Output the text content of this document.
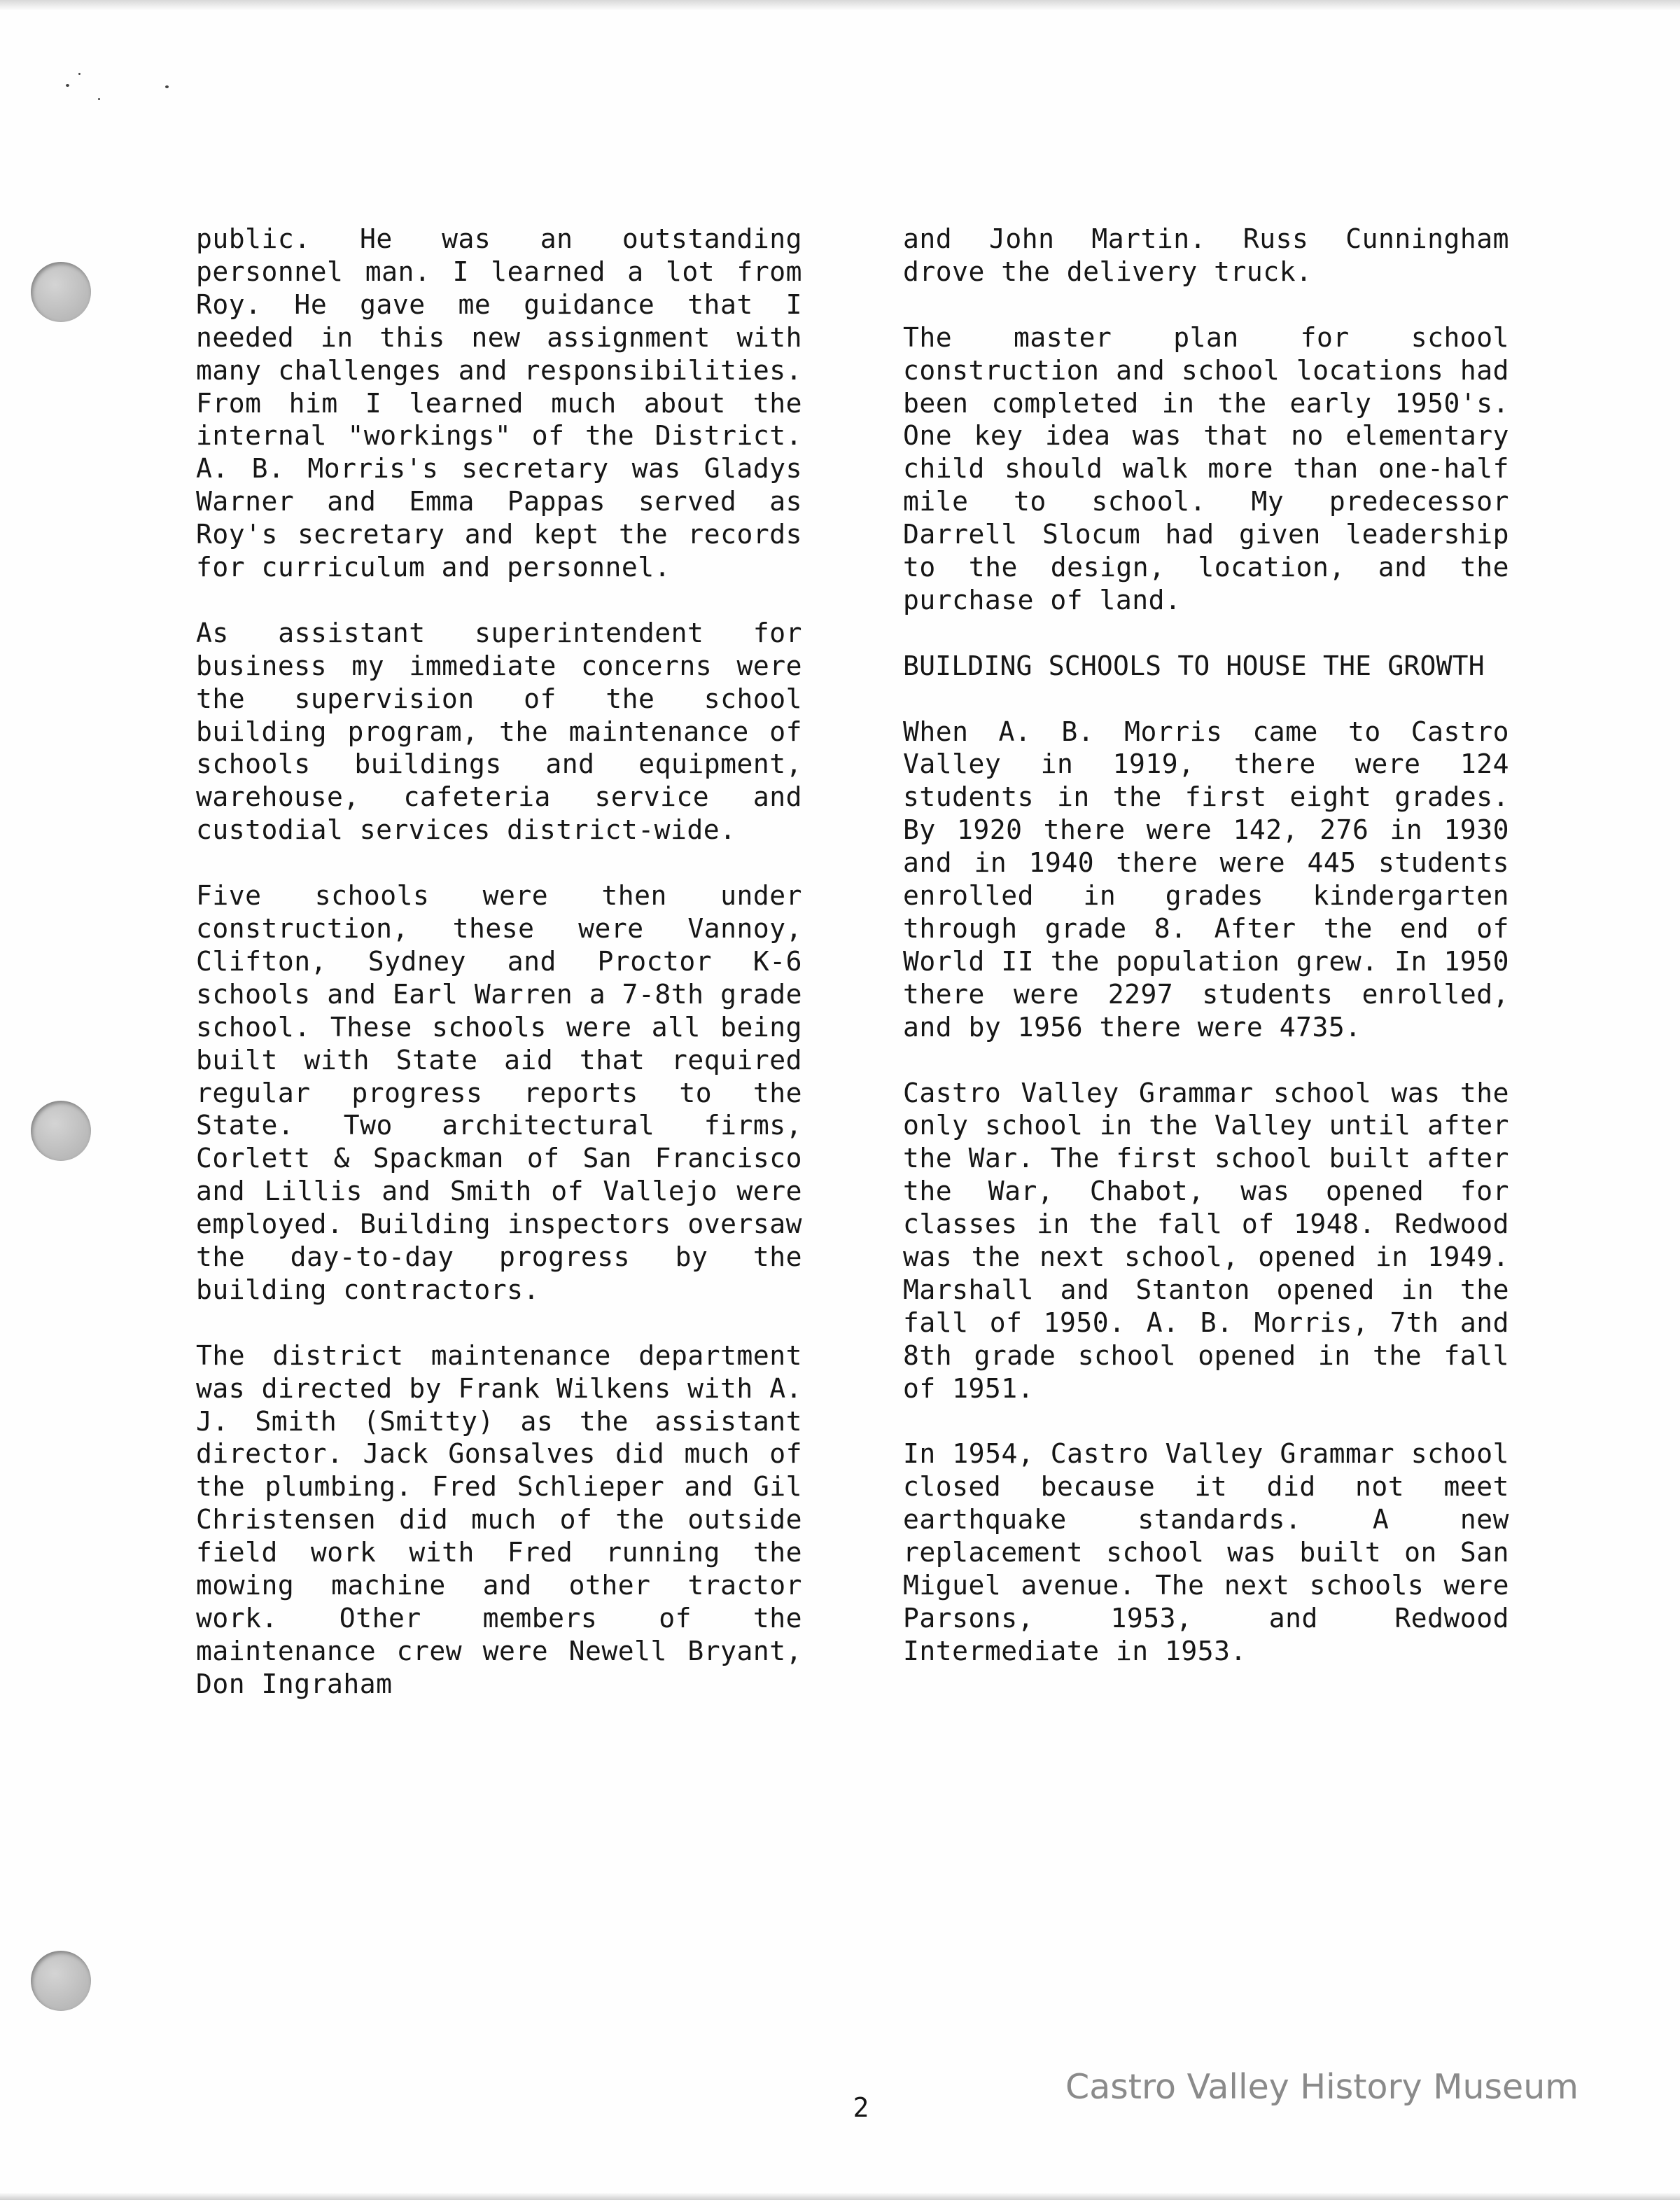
public. He was an outstanding personnel man. I learned a lot from Roy. He gave me guidance that I needed in this new assignment with many challenges and responsibilities. From him I learned much about the internal "workings" of the District. A. B. Morris's secretary was Gladys Warner and Emma Pappas served as Roy's secretary and kept the records for curriculum and personnel.

As assistant superintendent for business my immediate concerns were the supervision of the school building program, the maintenance of schools buildings and equipment, warehouse, cafeteria service and custodial services district-wide.

Five schools were then under construction, these were Vannoy, Clifton, Sydney and Proctor K-6 schools and Earl Warren a 7-8th grade school. These schools were all being built with State aid that required regular progress reports to the State. Two architectural firms, Corlett & Spackman of San Francisco and Lillis and Smith of Vallejo were employed. Building inspectors oversaw the day-to-day progress by the building contractors.

The district maintenance department was directed by Frank Wilkens with A. J. Smith (Smitty) as the assistant director. Jack Gonsalves did much of the plumbing. Fred Schlieper and Gil Christensen did much of the outside field work with Fred running the mowing machine and other tractor work. Other members of the maintenance crew were Newell Bryant, Don Ingraham

and John Martin. Russ Cunningham drove the delivery truck.

The master plan for school construction and school locations had been completed in the early 1950's. One key idea was that no elementary child should walk more than one-half mile to school. My predecessor Darrell Slocum had given leadership to the design, location, and the purchase of land.

BUILDING SCHOOLS TO HOUSE THE GROWTH

When A. B. Morris came to Castro Valley in 1919, there were 124 students in the first eight grades. By 1920 there were 142, 276 in 1930 and in 1940 there were 445 students enrolled in grades kindergarten through grade 8. After the end of World II the population grew. In 1950 there were 2297 students enrolled, and by 1956 there were 4735.

Castro Valley Grammar school was the only school in the Valley until after the War. The first school built after the War, Chabot, was opened for classes in the fall of 1948. Redwood was the next school, opened in 1949. Marshall and Stanton opened in the fall of 1950. A. B. Morris, 7th and 8th grade school opened in the fall of 1951.

In 1954, Castro Valley Grammar school closed because it did not meet earthquake standards. A new replacement school was built on San Miguel avenue. The next schools were Parsons, 1953, and Redwood Intermediate in 1953.

2
Castro Valley History Museum
